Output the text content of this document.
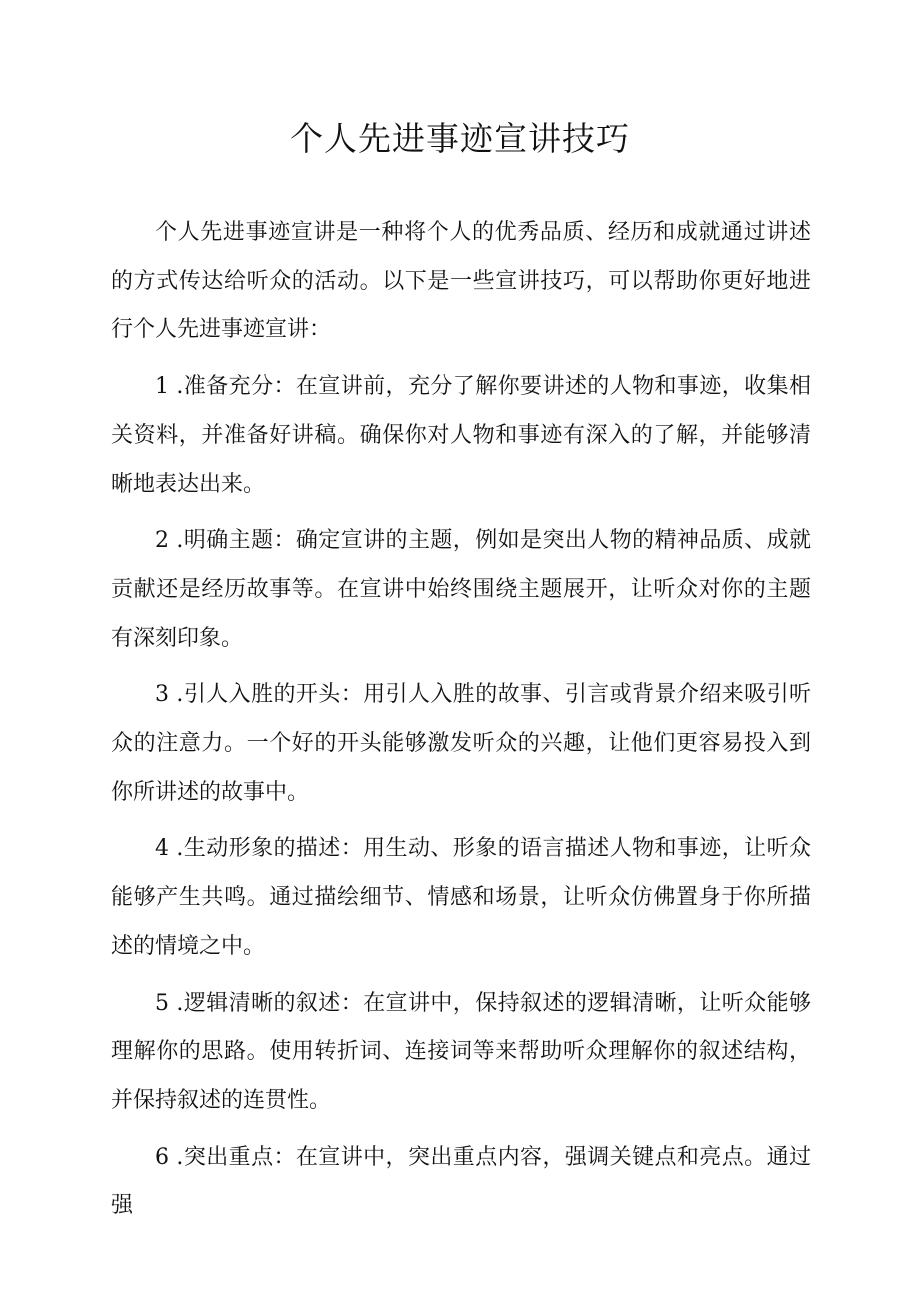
个人先进事迹宣讲技巧

个人先进事迹宣讲是一种将个人的优秀品质、经历和成就通过讲述的方式传达给听众的活动。以下是一些宣讲技巧，可以帮助你更好地进行个人先进事迹宣讲：

1 .准备充分：在宣讲前，充分了解你要讲述的人物和事迹，收集相关资料，并准备好讲稿。确保你对人物和事迹有深入的了解，并能够清晰地表达出来。

2 .明确主题：确定宣讲的主题，例如是突出人物的精神品质、成就贡献还是经历故事等。在宣讲中始终围绕主题展开，让听众对你的主题有深刻印象。

3 .引人入胜的开头：用引人入胜的故事、引言或背景介绍来吸引听众的注意力。一个好的开头能够激发听众的兴趣，让他们更容易投入到你所讲述的故事中。

4 .生动形象的描述：用生动、形象的语言描述人物和事迹，让听众能够产生共鸣。通过描绘细节、情感和场景，让听众仿佛置身于你所描述的情境之中。

5 .逻辑清晰的叙述：在宣讲中，保持叙述的逻辑清晰，让听众能够理解你的思路。使用转折词、连接词等来帮助听众理解你的叙述结构，并保持叙述的连贯性。

6 .突出重点：在宣讲中，突出重点内容，强调关键点和亮点。通过强
